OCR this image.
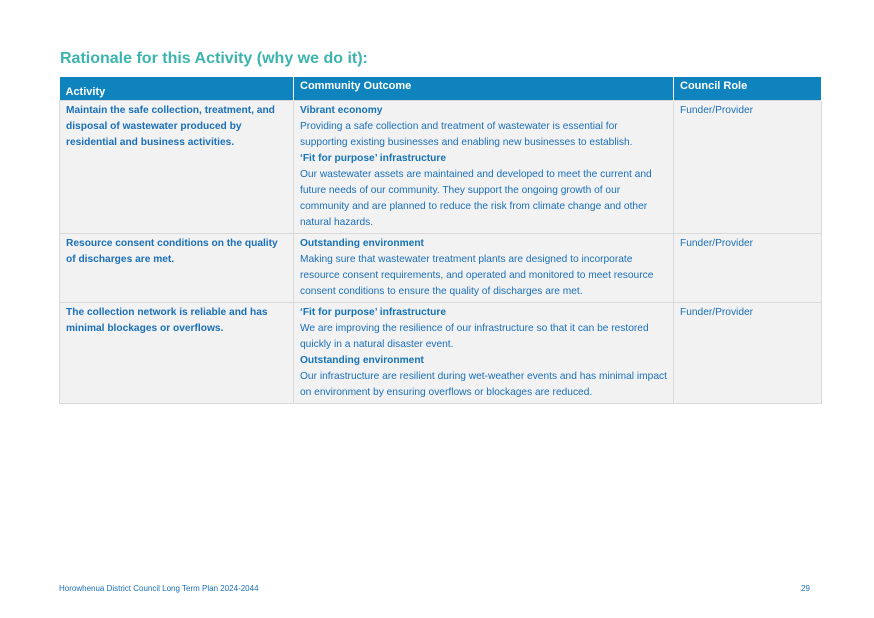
Rationale for this Activity (why we do it):
Activity	Community Outcome	Council Role
Maintain the safe collection, treatment, and disposal of wastewater produced by residential and business activities.	Vibrant economy
Providing a safe collection and treatment of wastewater is essential for supporting existing businesses and enabling new businesses to establish.
‘Fit for purpose’ infrastructure
Our wastewater assets are maintained and developed to meet the current and future needs of our community. They support the ongoing growth of our community and are planned to reduce the risk from climate change and other natural hazards.	Funder/Provider
Resource consent conditions on the quality of discharges are met.	Outstanding environment
Making sure that wastewater treatment plants are designed to incorporate resource consent requirements, and operated and monitored to meet resource consent conditions to ensure the quality of discharges are met.	Funder/Provider
The collection network is reliable and has minimal blockages or overflows.	‘Fit for purpose’ infrastructure
We are improving the resilience of our infrastructure so that it can be restored quickly in a natural disaster event.
Outstanding environment
Our infrastructure are resilient during wet-weather events and has minimal impact on environment by ensuring overflows or blockages are reduced.	Funder/Provider
Horowhenua District Council Long Term Plan 2024-2044	29
